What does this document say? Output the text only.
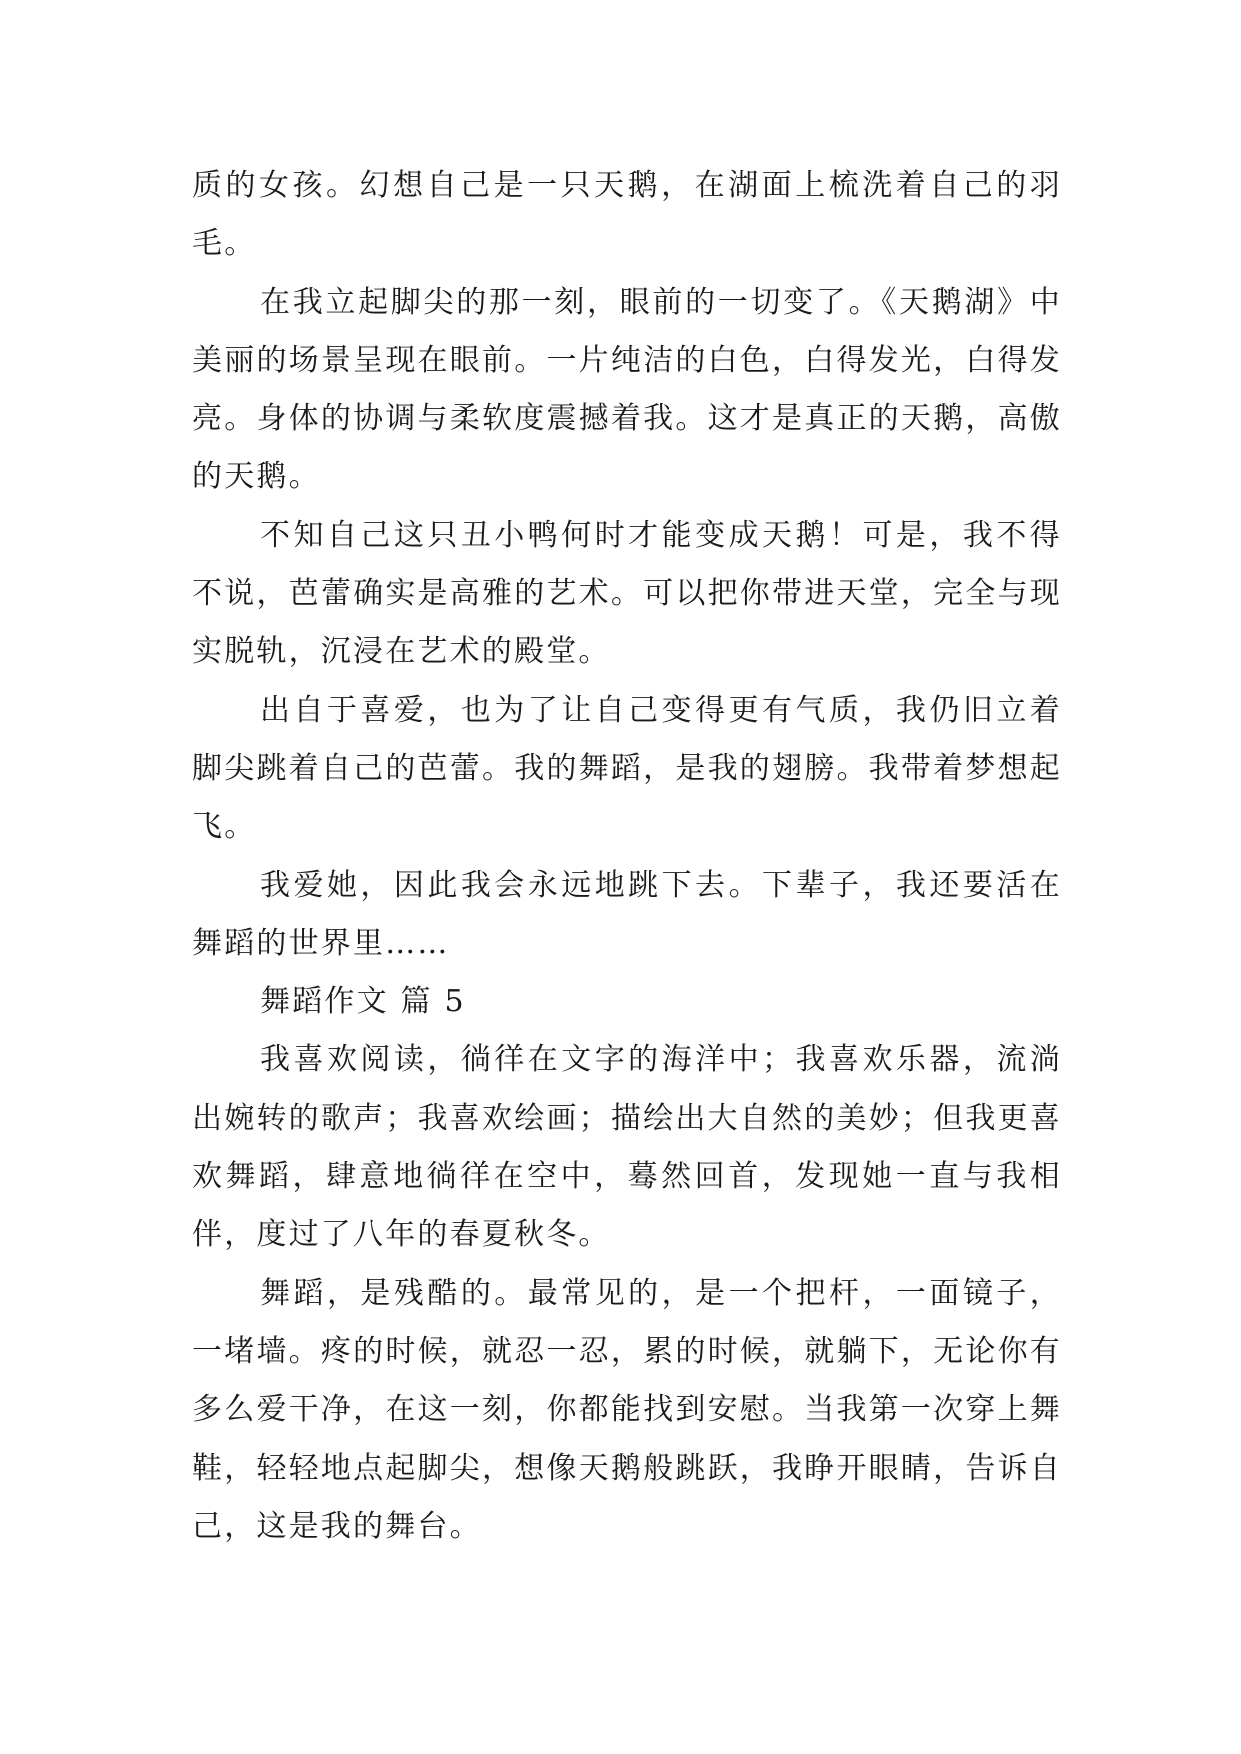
质的女孩。幻想自己是一只天鹅，在湖面上梳洗着自己的羽毛。

在我立起脚尖的那一刻，眼前的一切变了。《天鹅湖》中美丽的场景呈现在眼前。一片纯洁的白色，白得发光，白得发亮。身体的协调与柔软度震撼着我。这才是真正的天鹅，高傲的天鹅。

不知自己这只丑小鸭何时才能变成天鹅！可是，我不得不说，芭蕾确实是高雅的艺术。可以把你带进天堂，完全与现实脱轨，沉浸在艺术的殿堂。

出自于喜爱，也为了让自己变得更有气质，我仍旧立着脚尖跳着自己的芭蕾。我的舞蹈，是我的翅膀。我带着梦想起飞。

我爱她，因此我会永远地跳下去。下辈子，我还要活在舞蹈的世界里……

舞蹈作文 篇 5

我喜欢阅读，徜徉在文字的海洋中；我喜欢乐器，流淌出婉转的歌声；我喜欢绘画；描绘出大自然的美妙；但我更喜欢舞蹈，肆意地徜徉在空中，蓦然回首，发现她一直与我相伴，度过了八年的春夏秋冬。

舞蹈，是残酷的。最常见的，是一个把杆，一面镜子，一堵墙。疼的时候，就忍一忍，累的时候，就躺下，无论你有多么爱干净，在这一刻，你都能找到安慰。当我第一次穿上舞鞋，轻轻地点起脚尖，想像天鹅般跳跃，我睁开眼睛，告诉自己，这是我的舞台。
